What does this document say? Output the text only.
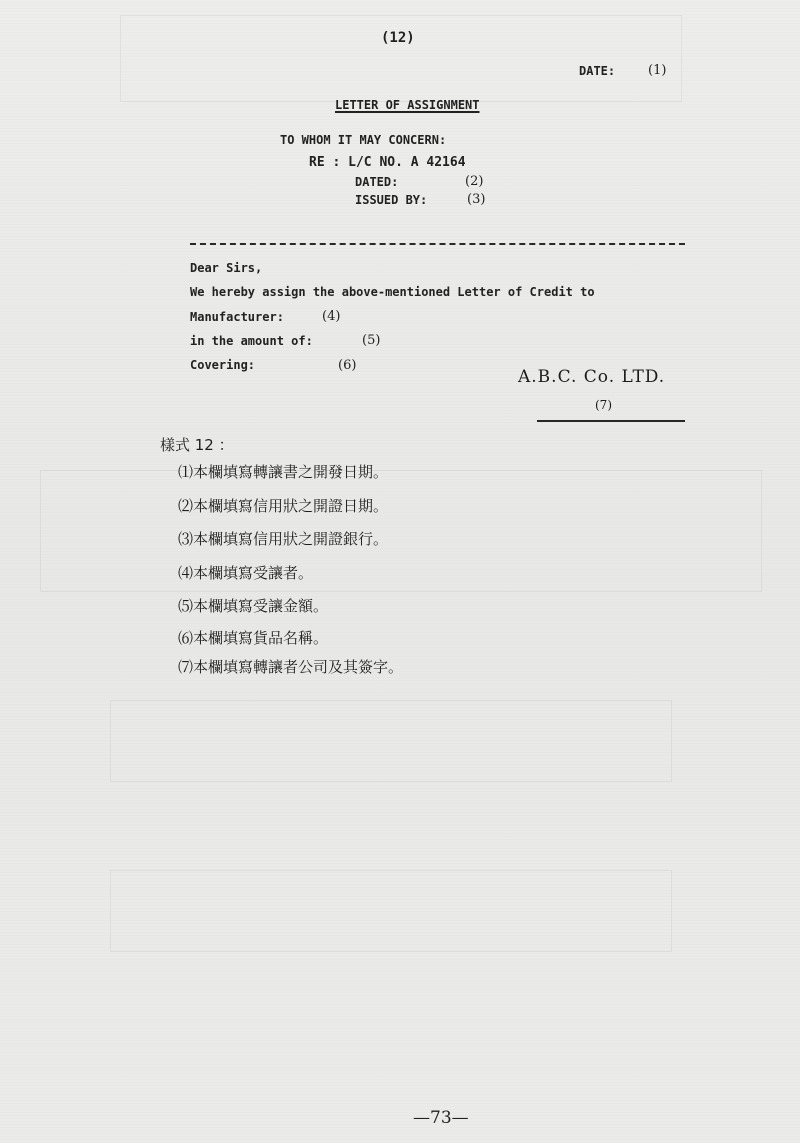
(12)
DATE:	(1)
LETTER OF ASSIGNMENT
TO WHOM IT MAY CONCERN:
RE : L/C NO. A 42164
DATED:	(2)
ISSUED BY:	(3)
Dear Sirs,
We hereby assign the above-mentioned Letter of Credit to
Manufacturer:	(4)
in the amount of:	(5)
Covering:	(6)
A.B.C. Co. LTD.
(7)
樣式 12 ：
⑴本欄填寫轉讓書之開發日期。
⑵本欄填寫信用狀之開證日期。
⑶本欄填寫信用狀之開證銀行。
⑷本欄填寫受讓者。
⑸本欄填寫受讓金額。
⑹本欄填寫貨品名稱。
⑺本欄填寫轉讓者公司及其簽字。
—73—
